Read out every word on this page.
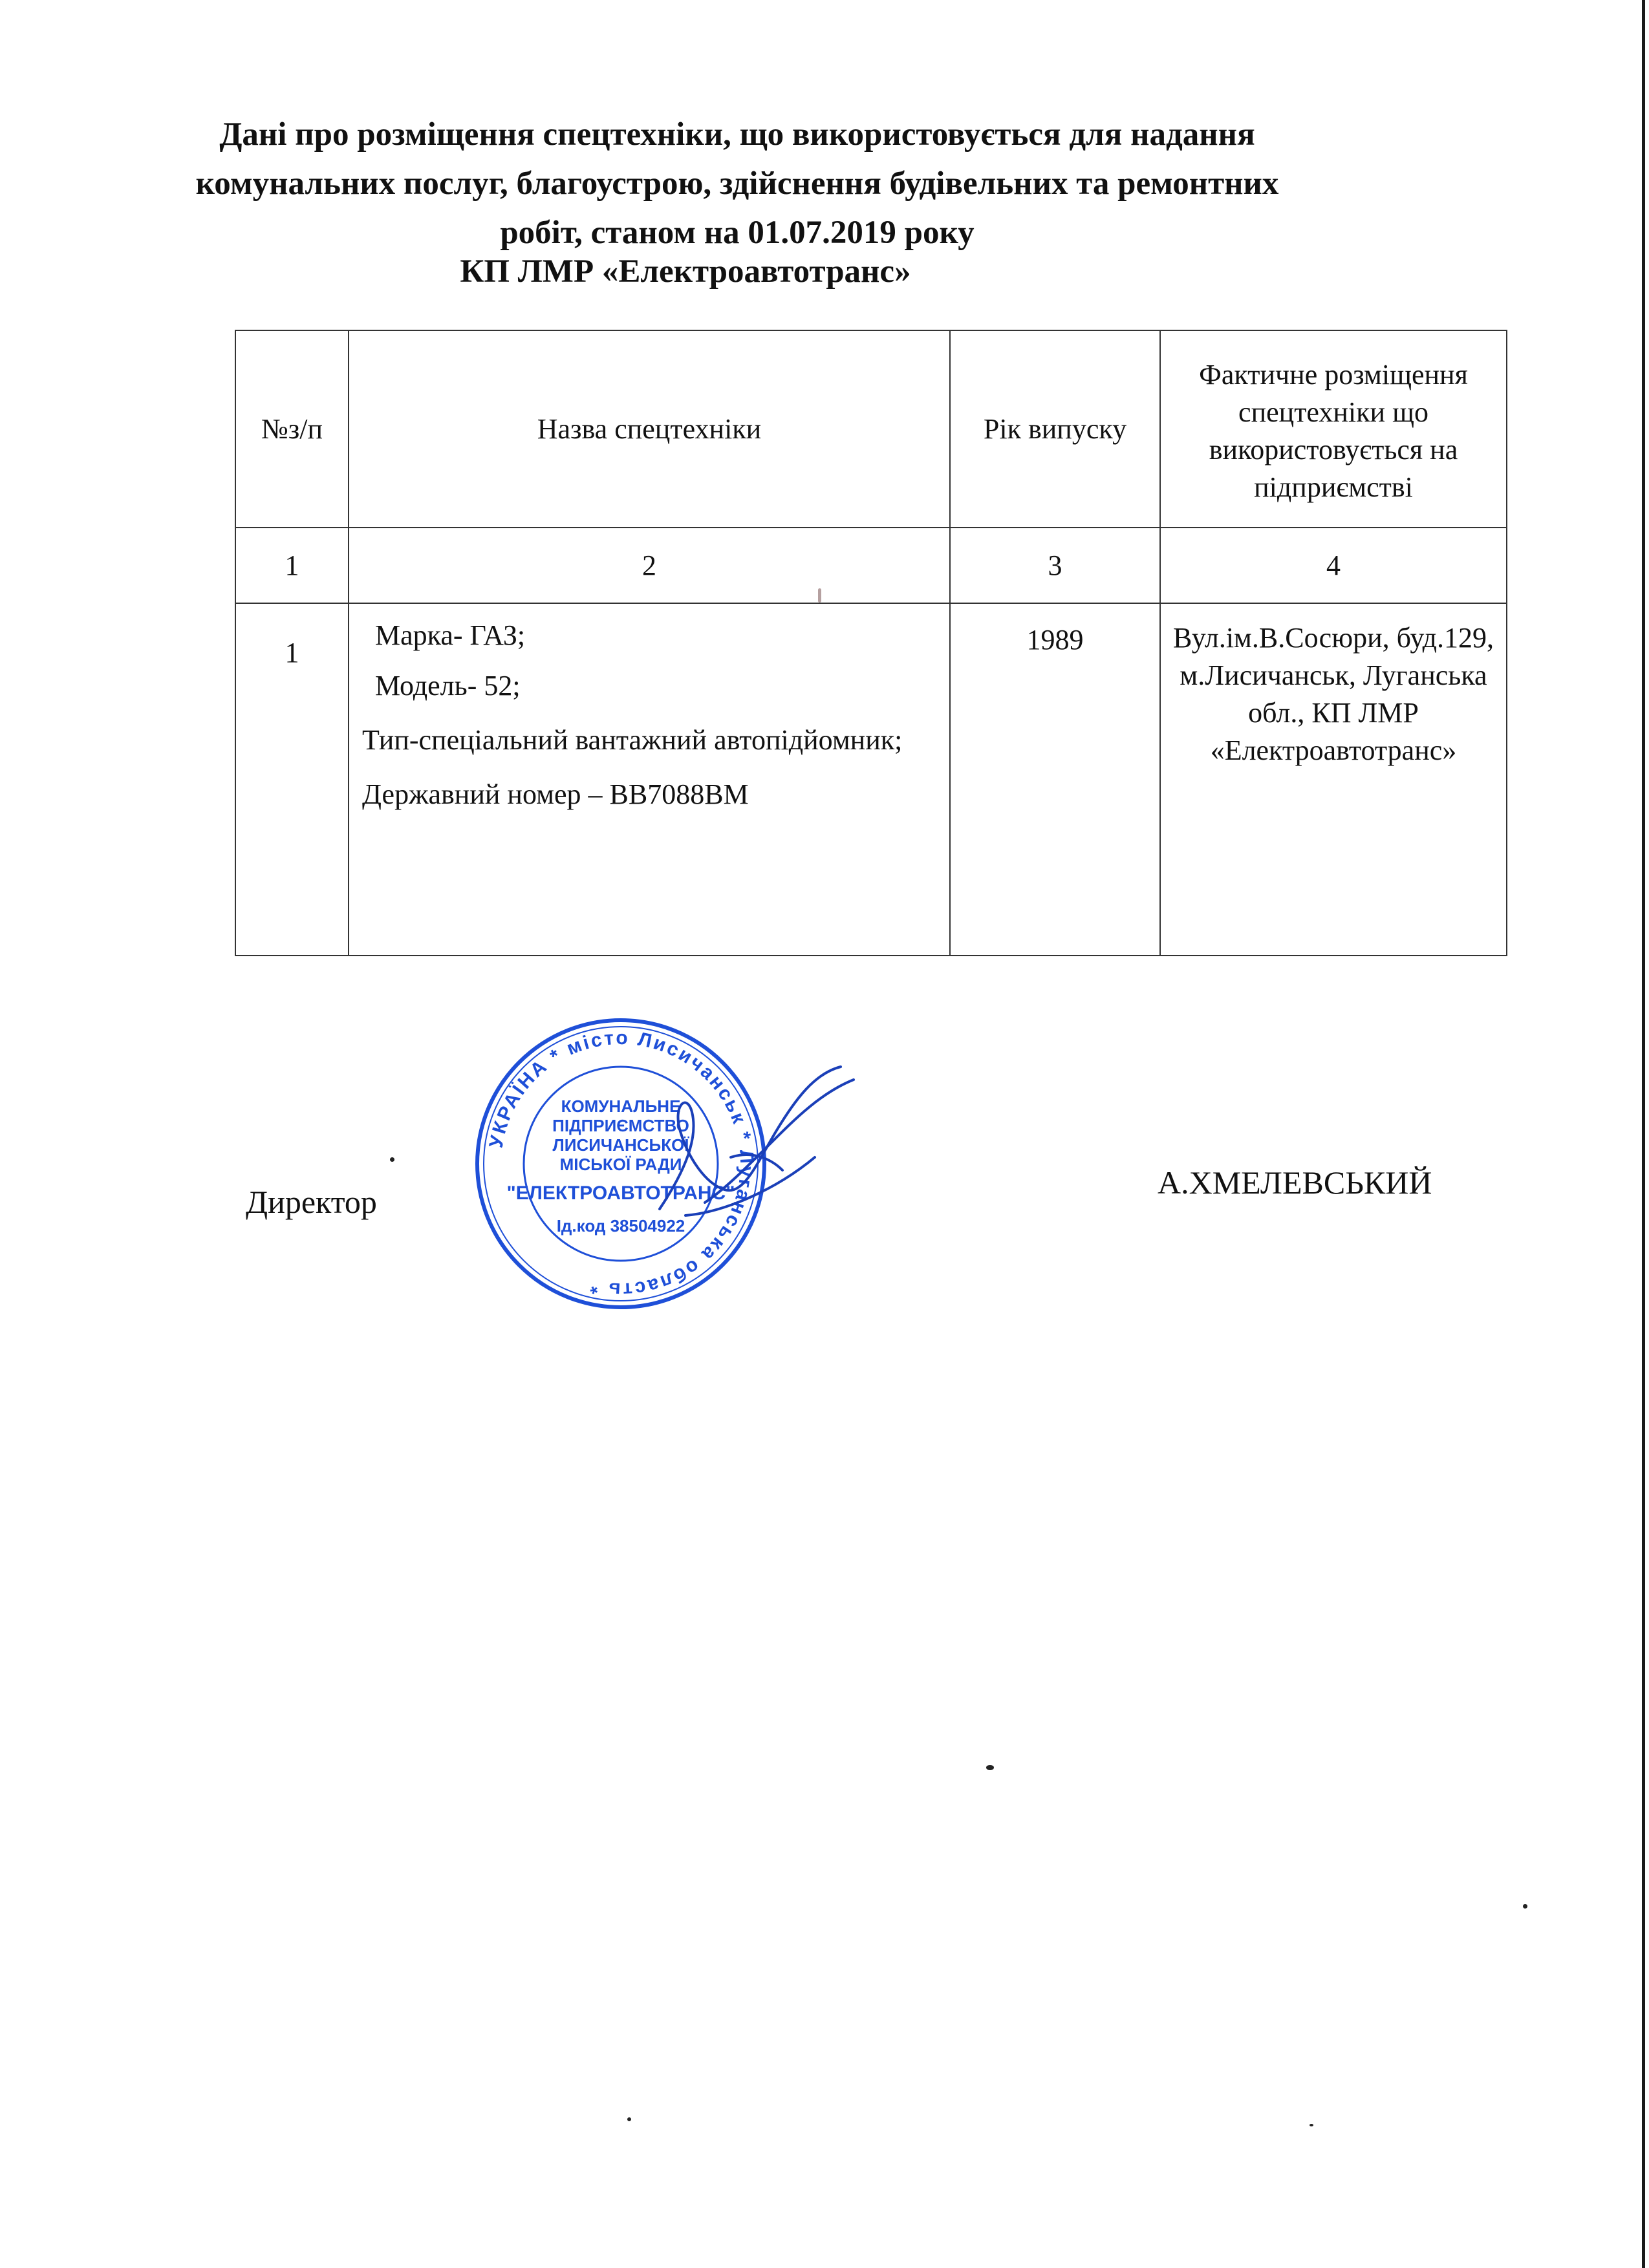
Дані про розміщення спецтехніки, що використовується для надання комунальних послуг, благоустрою, здійснення будівельних та ремонтних робіт, станом на 01.07.2019 року
КП ЛМР «Електроавтотранс»
№з/п	Назва спецтехніки	Рік випуску	Фактичне розміщення спецтехніки що використовується на підприємстві
1	2	3	4
1	Марка- ГАЗ;
Модель- 52;
Тип-спеціальний вантажний автопідйомник;
Державний номер – ВВ7088ВМ	1989	Вул.ім.В.Сосюри, буд.129, м.Лисичанськ, Луганська обл., КП ЛМР «Електроавтотранс»
Директор
А.ХМЕЛЕВСЬКИЙ
УКРАЇНА * місто Лисичанськ * Луганська область *
КОМУНАЛЬНЕ
ПІДПРИЄМСТВО
ЛИСИЧАНСЬКОЇ
МІСЬКОЇ РАДИ
"ЕЛЕКТРОАВТОТРАНС"
Ід.код 38504922
